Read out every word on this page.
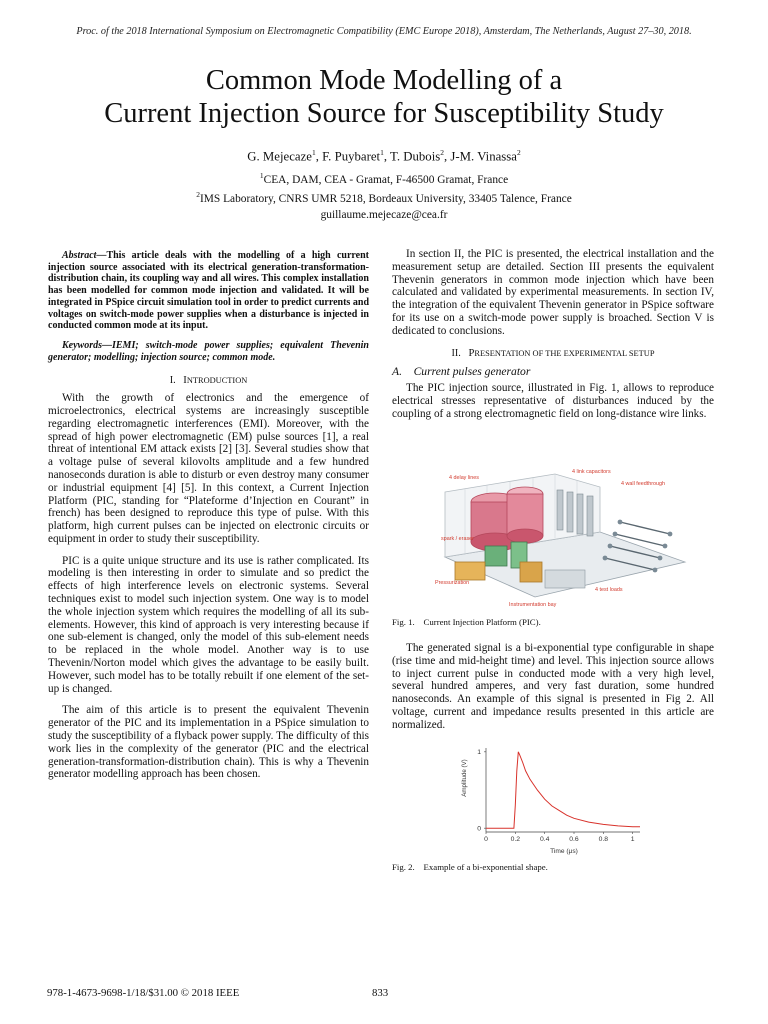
Proc. of the 2018 International Symposium on Electromagnetic Compatibility (EMC Europe 2018), Amsterdam, The Netherlands, August 27–30, 2018.
Common Mode Modelling of a
Current Injection Source for Susceptibility Study
G. Mejecaze$^1$, F. Puybaret$^1$, T. Dubois$^2$, J-M. Vinassa$^2$
$^1$CEA, DAM, CEA - Gramat, F-46500 Gramat, France
$^2$IMS Laboratory, CNRS UMR 5218, Bordeaux University, 33405 Talence, France
guillaume.mejecaze@cea.fr

Abstract—This article deals with the modelling of a high current injection source associated with its electrical generation-transformation-distribution chain, its coupling way and all wires. This complex installation has been modelled for common mode injection and validated. It will be integrated in PSpice circuit simulation tool in order to predict currents and voltages on switch-mode power supplies when a disturbance is injected in conducted common mode at its input.

Keywords—IEMI; switch-mode power supplies; equivalent Thevenin generator; modelling; injection source; common mode.

I. INTRODUCTION

With the growth of electronics and the emergence of microelectronics, electrical systems are increasingly susceptible regarding electromagnetic interferences (EMI). Moreover, with the spread of high power electromagnetic (EM) pulse sources [1], a real threat of intentional EM attack exists [2] [3]. Several studies show that a voltage pulse of several kilovolts amplitude and a few hundred nanoseconds duration is able to disturb or even destroy many consumer or industrial equipment [4] [5]. In this context, a Current Injection Platform (PIC, standing for “Plateforme d’Injection en Courant” in french) has been designed to reproduce this type of pulse. With this platform, high current pulses can be injected on electronic circuits or equipment in order to study their susceptibility.

PIC is a quite unique structure and its use is rather complicated. Its modeling is then interesting in order to simulate and so predict the effects of high interference levels on electronic systems. Several techniques exist to model such injection system. One way is to model the whole injection system which requires the modelling of all its sub-elements. However, this kind of approach is very interesting because if one sub-element is changed, only the model of this sub-element needs to be replaced in the whole model. Another way is to use Thevenin/Norton model which gives the advantage to be easily built. However, such model has to be totally rebuilt if one element of the set-up is changed.

The aim of this article is to present the equivalent Thevenin generator of the PIC and its implementation in a PSpice simulation to study the susceptibility of a flyback power supply. The difficulty of this work lies in the complexity of the generator (PIC and the electrical generation-transformation-distribution chain). This is why a Thevenin generator modelling approach has been chosen.

In section II, the PIC is presented, the electrical installation and the measurement setup are detailed. Section III presents the equivalent Thevenin generators in common mode injection which have been calculated and validated by experimental measurements. In section IV, the integration of the equivalent Thevenin generator in PSpice software for its use on a switch-mode power supply is broached. Section V is dedicated to conclusions.

II. PRESENTATION OF THE EXPERIMENTAL SETUP
A. Current pulses generator

The PIC injection source, illustrated in Fig. 1, allows to reproduce electrical stresses representative of disturbances induced by the coupling of a strong electromagnetic field on long-distance wire links.

4 delay lines
4 link capacitors
4 wall feedthrough
spark / eraser
Pressurization
4 test loads
Instrumentation bay
Fig. 1. Current Injection Platform (PIC).

The generated signal is a bi-exponential type configurable in shape (rise time and mid-height time) and level. This injection source allows to inject current pulse in conducted mode with a very high level, several hundred amperes, and very fast duration, some hundred nanoseconds. An example of this signal is presented in Fig 2. All voltage, current and impedance results presented in this article are normalized.

Amplitude (V)
Time (μs)
1
0
0	0.2	0.4	0.6	0.8	1
Fig. 2. Example of a bi-exponential shape.
978-1-4673-9698-1/18/$31.00 © 2018 IEEE	833
